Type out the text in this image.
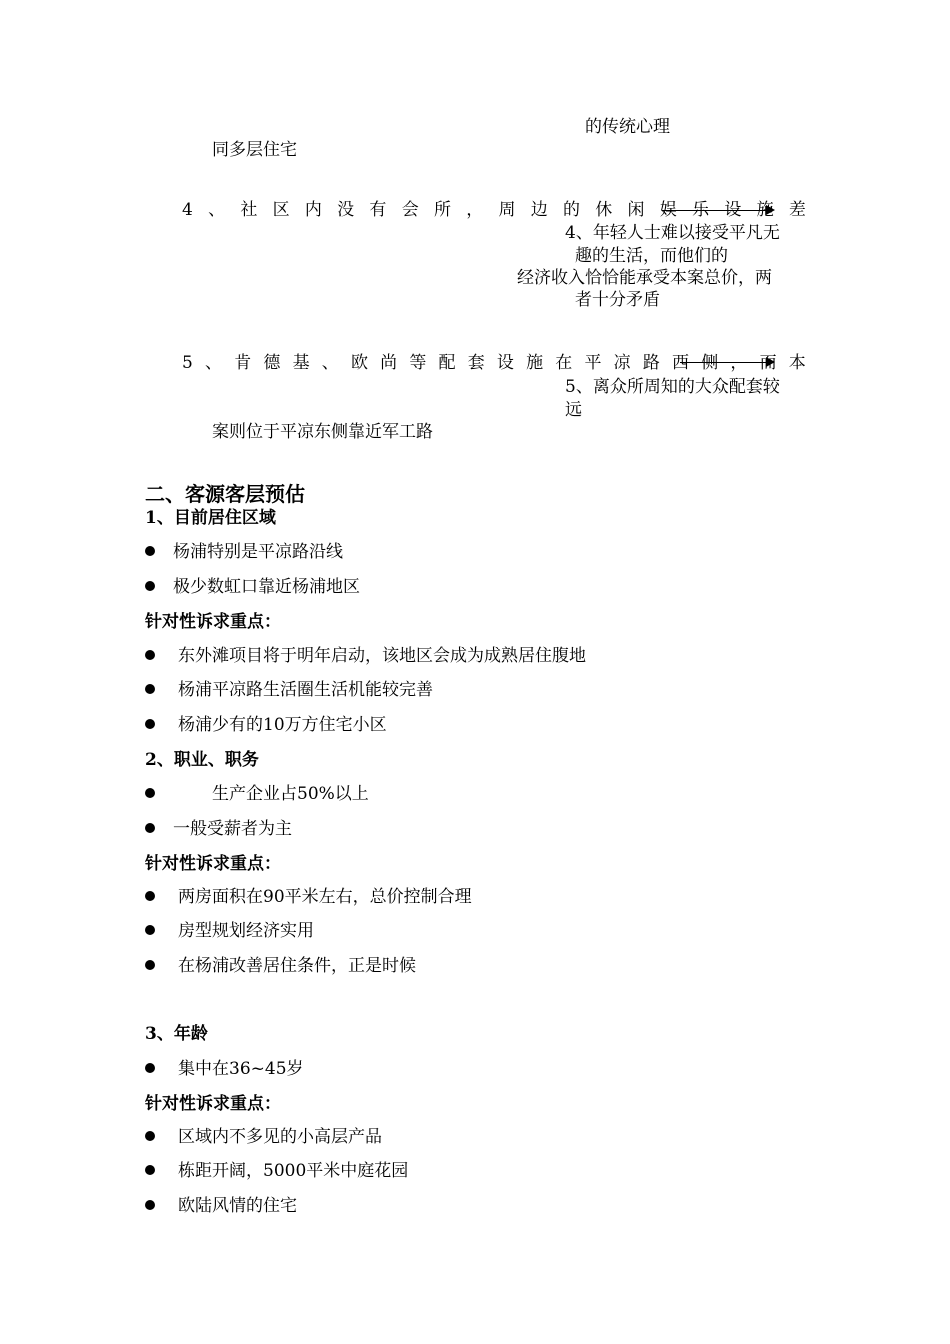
的传统心理
同多层住宅
4 、 社 区 内 没 有 会 所 ， 周 边 的 休 闲 娱 乐 设 施 差
4、年轻人士难以接受平凡无
趣的生活，而他们的
经济收入恰恰能承受本案总价，两
者十分矛盾
5 、 肯 德 基 、 欧 尚 等 配 套 设 施 在 平 凉 路 西 侧 ， 而 本
5、离众所周知的大众配套较
远
案则位于平凉东侧靠近军工路
二、客源客层预估
1、目前居住区域
杨浦特别是平凉路沿线
极少数虹口靠近杨浦地区
针对性诉求重点：
东外滩项目将于明年启动，该地区会成为成熟居住腹地
杨浦平凉路生活圈生活机能较完善
杨浦少有的10万方住宅小区
2、职业、职务
生产企业占50%以上
一般受薪者为主
针对性诉求重点：
两房面积在90平米左右，总价控制合理
房型规划经济实用
在杨浦改善居住条件，正是时候
3、年龄
集中在36~45岁
针对性诉求重点：
区域内不多见的小高层产品
栋距开阔，5000平米中庭花园
欧陆风情的住宅
